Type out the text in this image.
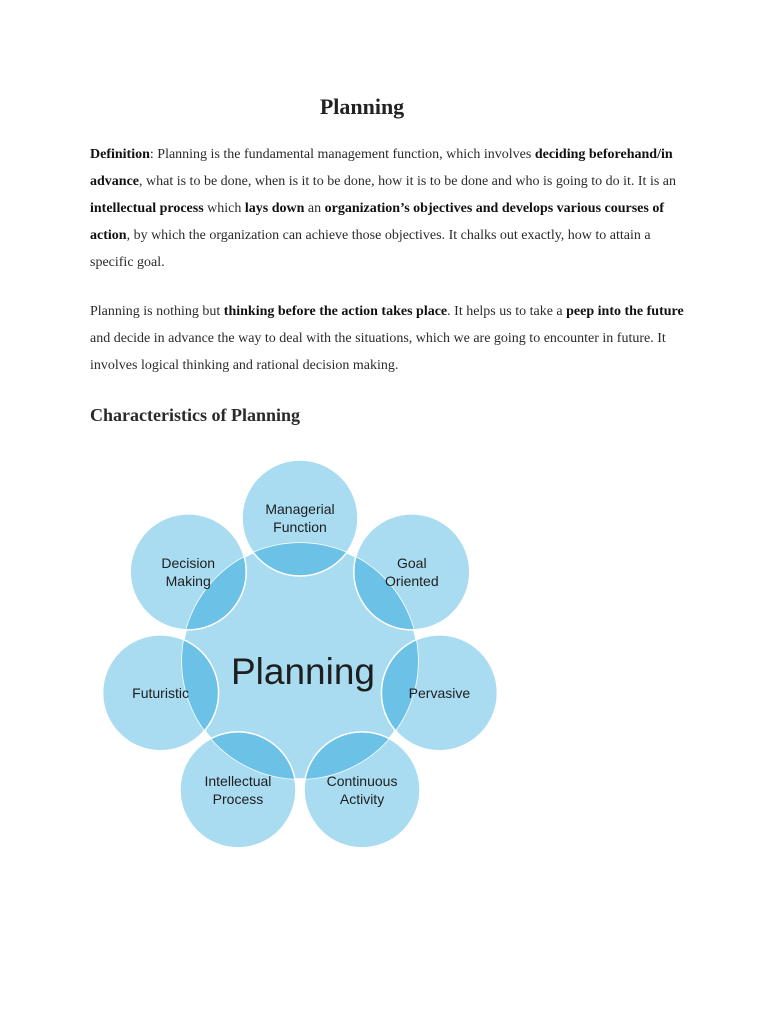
Planning

Definition: Planning is the fundamental management function, which involves deciding beforehand/in advance, what is to be done, when is it to be done, how it is to be done and who is going to do it. It is an intellectual process which lays down an organization’s objectives and develops various courses of action, by which the organization can achieve those objectives. It chalks out exactly, how to attain a specific goal.

Planning is nothing but thinking before the action takes place. It helps us to take a peep into the future and decide in advance the way to deal with the situations, which we are going to encounter in future. It involves logical thinking and rational decision making.

Characteristics of Planning
Planning
Managerial
Function
Goal
Oriented
Pervasive
Continuous
Activity
Intellectual
Process
Futuristic
Decision
Making
